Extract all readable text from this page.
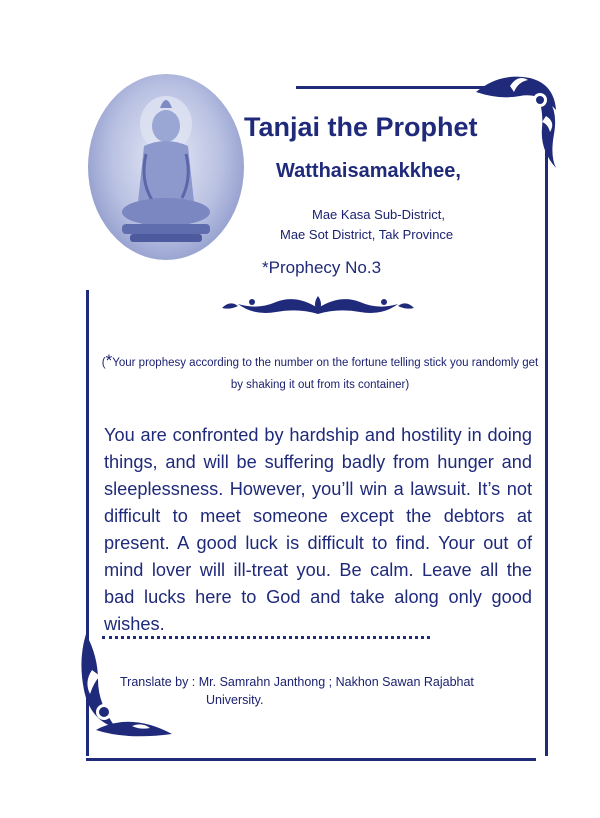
Tanjai the Prophet
Watthaisamakkhee,

Mae Kasa Sub-District,

Mae Sot District, Tak Province

*Prophecy No.3

(*Your prophesy according to the number on the fortune telling stick you randomly get by shaking it out from its container)

You are confronted by hardship and hostility in doing things, and will be suffering badly from hunger and sleeplessness. However, you’ll win a lawsuit. It’s not difficult to meet someone except the debtors at present. A good luck is difficult to find. Your out of mind lover will ill-treat you. Be calm. Leave all the bad lucks here to God and take along only good wishes.

Translate by : Mr. Samrahn Janthong ; Nakhon Sawan Rajabhat
University.
